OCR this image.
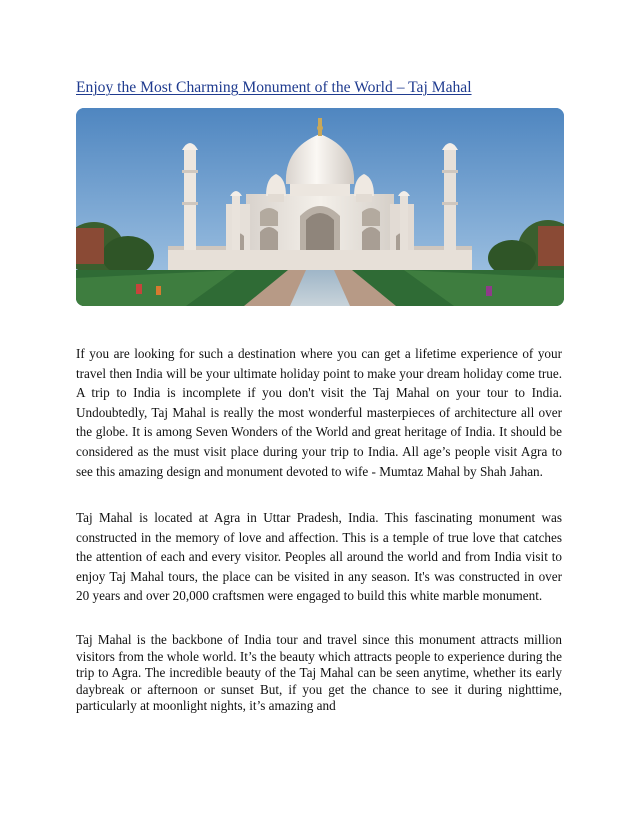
Enjoy the Most Charming Monument of the World – Taj Mahal

If you are looking for such a destination where you can get a lifetime experience of your travel then India will be your ultimate holiday point to make your dream holiday come true. A trip to India is incomplete if you don't visit the Taj Mahal on your tour to India. Undoubtedly, Taj Mahal is really the most wonderful masterpieces of architecture all over the globe. It is among Seven Wonders of the World and great heritage of India. It should be considered as the must visit place during your trip to India. All age’s people visit Agra to see this amazing design and monument devoted to wife - Mumtaz Mahal by Shah Jahan.

Taj Mahal is located at Agra in Uttar Pradesh, India. This fascinating monument was constructed in the memory of love and affection. This is a temple of true love that catches the attention of each and every visitor. Peoples all around the world and from India visit to enjoy Taj Mahal tours, the place can be visited in any season. It's was constructed in over 20 years and over 20,000 craftsmen were engaged to build this white marble monument.

Taj Mahal is the backbone of India tour and travel since this monument attracts million visitors from the whole world. It’s the beauty which attracts people to experience during the trip to Agra. The incredible beauty of the Taj Mahal can be seen anytime, whether its early daybreak or afternoon or sunset But, if you get the chance to see it during nighttime, particularly at moonlight nights, it’s amazing and
